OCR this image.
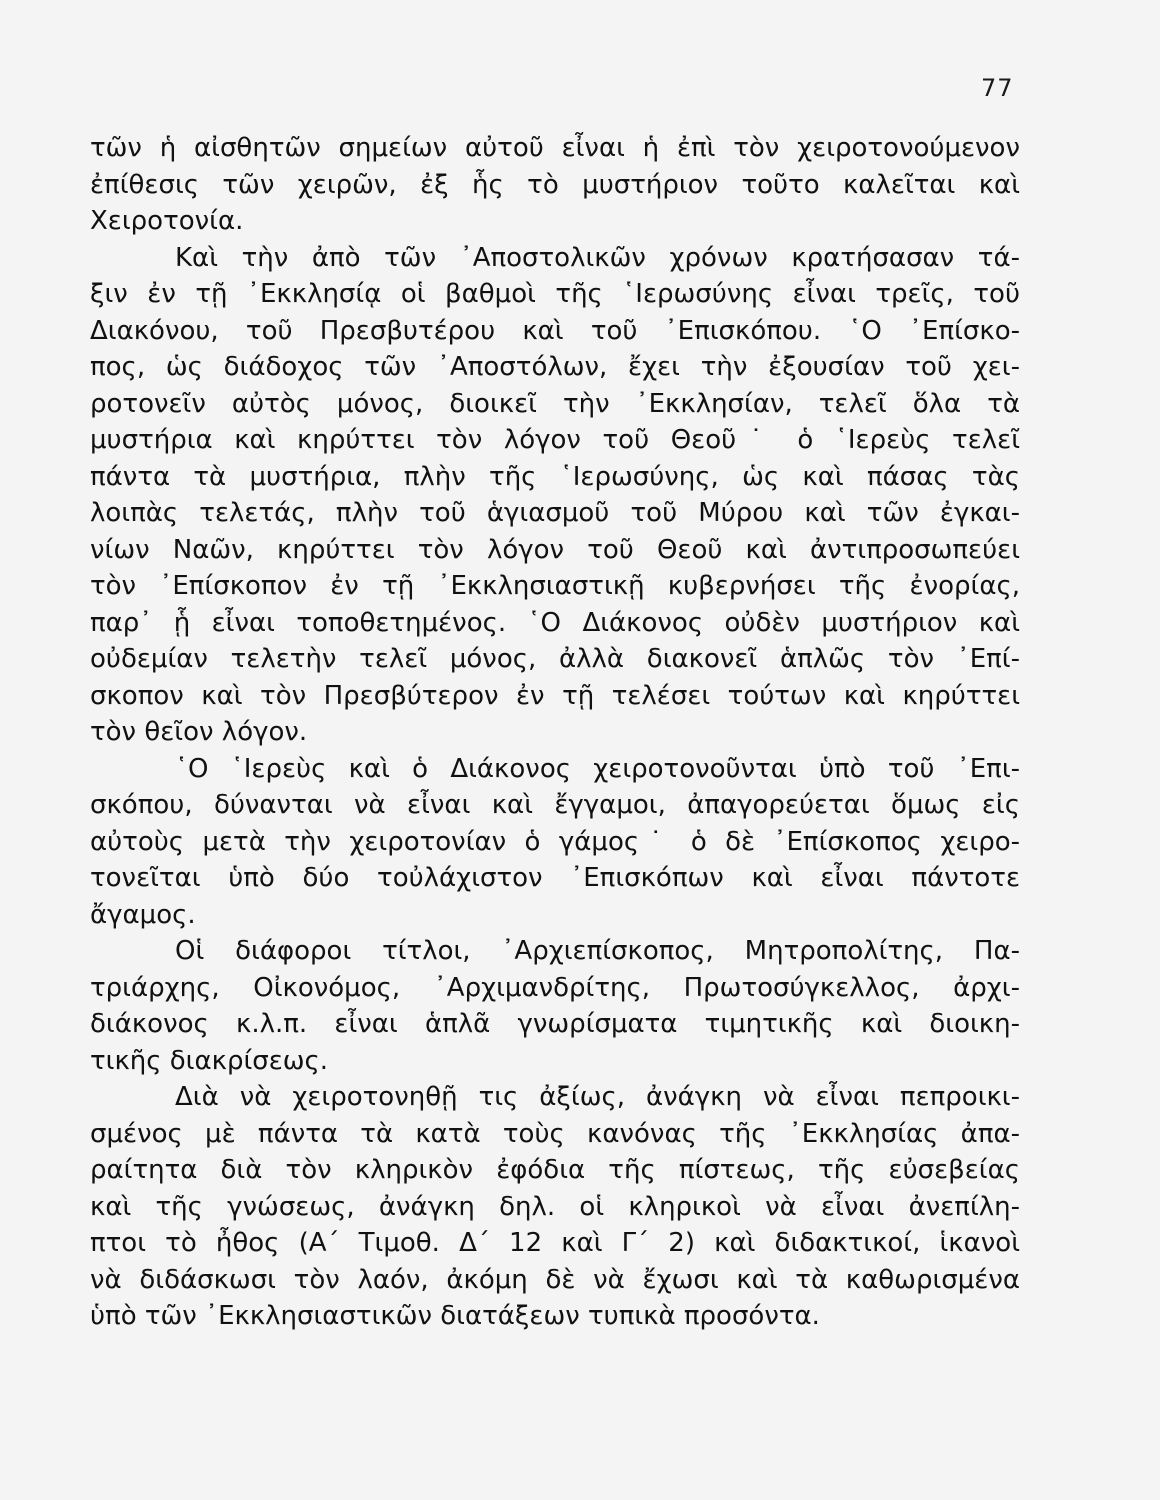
77
τῶν ἡ αἰσθητῶν σημείων αὐτοῦ εἶναι ἡ ἐπὶ τὸν χειροτονούμενον
ἐπίθεσις τῶν χειρῶν, ἐξ ἧς τὸ μυστήριον τοῦτο καλεῖται καὶ
Χειροτονία.
Καὶ τὴν ἀπὸ τῶν ᾿Αποστολικῶν χρόνων κρατήσασαν τά-
ξιν ἐν τῇ ᾿Εκκλησίᾳ οἱ βαθμοὶ τῆς ῾Ιερωσύνης εἶναι τρεῖς, τοῦ
Διακόνου, τοῦ Πρεσβυτέρου καὶ τοῦ ᾿Επισκόπου. ῾Ο ᾿Επίσκο-
πος, ὡς διάδοχος τῶν ᾿Αποστόλων, ἔχει τὴν ἐξουσίαν τοῦ χει-
ροτονεῖν αὐτὸς μόνος, διοικεῖ τὴν ᾿Εκκλησίαν, τελεῖ ὅλα τὰ
μυστήρια καὶ κηρύττει τὸν λόγον τοῦ Θεοῦ˙ ὁ ῾Ιερεὺς τελεῖ
πάντα τὰ μυστήρια, πλὴν τῆς ῾Ιερωσύνης, ὡς καὶ πάσας τὰς
λοιπὰς τελετάς, πλὴν τοῦ ἁγιασμοῦ τοῦ Μύρου καὶ τῶν ἐγκαι-
νίων Ναῶν, κηρύττει τὸν λόγον τοῦ Θεοῦ καὶ ἀντιπροσωπεύει
τὸν ᾿Επίσκοπον ἐν τῇ ᾿Εκκλησιαστικῇ κυβερνήσει τῆς ἐνορίας,
παρ᾿ ᾗ εἶναι τοποθετημένος. ῾Ο Διάκονος οὐδὲν μυστήριον καὶ
οὐδεμίαν τελετὴν τελεῖ μόνος, ἀλλὰ διακονεῖ ἁπλῶς τὸν ᾿Επί-
σκοπον καὶ τὸν Πρεσβύτερον ἐν τῇ τελέσει τούτων καὶ κηρύττει
τὸν θεῖον λόγον.
῾Ο ῾Ιερεὺς καὶ ὁ Διάκονος χειροτονοῦνται ὑπὸ τοῦ ᾿Επι-
σκόπου, δύνανται νὰ εἶναι καὶ ἔγγαμοι, ἀπαγορεύεται ὅμως εἰς
αὐτοὺς μετὰ τὴν χειροτονίαν ὁ γάμος˙ ὁ δὲ ᾿Επίσκοπος χειρο-
τονεῖται ὑπὸ δύο τοὐλάχιστον ᾿Επισκόπων καὶ εἶναι πάντοτε
ἄγαμος.
Οἱ διάφοροι τίτλοι, ᾿Αρχιεπίσκοπος, Μητροπολίτης, Πα-
τριάρχης, Οἰκονόμος, ᾿Αρχιμανδρίτης, Πρωτοσύγκελλος, ἀρχι-
διάκονος κ.λ.π. εἶναι ἁπλᾶ γνωρίσματα τιμητικῆς καὶ διοικη-
τικῆς διακρίσεως.
Διὰ νὰ χειροτονηθῇ τις ἀξίως, ἀνάγκη νὰ εἶναι πεπροικι-
σμένος μὲ πάντα τὰ κατὰ τοὺς κανόνας τῆς ᾿Εκκλησίας ἀπα-
ραίτητα διὰ τὸν κληρικὸν ἐφόδια τῆς πίστεως, τῆς εὐσεβείας
καὶ τῆς γνώσεως, ἀνάγκη δηλ. οἱ κληρικοὶ νὰ εἶναι ἀνεπίλη-
πτοι τὸ ἦθος (Α΄ Τιμοθ. Δ΄ 12 καὶ Γ΄ 2) καὶ διδακτικοί, ἱκανοὶ
νὰ διδάσκωσι τὸν λαόν, ἀκόμη δὲ νὰ ἔχωσι καὶ τὰ καθωρισμένα
ὑπὸ τῶν ᾿Εκκλησιαστικῶν διατάξεων τυπικὰ προσόντα.
